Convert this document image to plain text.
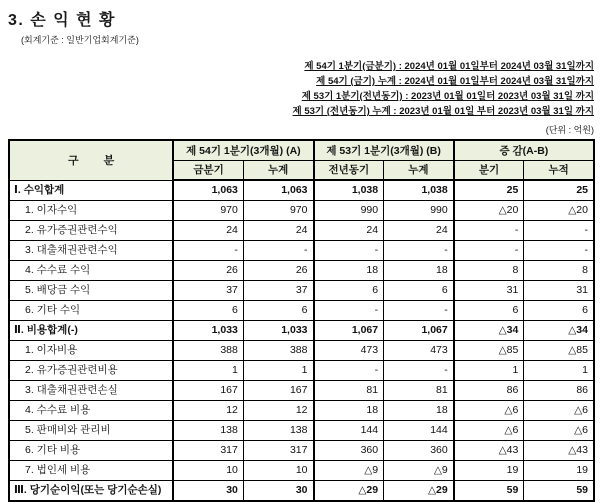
3. 손 익 현 황
(회계기준 : 일반기업회계기준)
제 54기 1분기(금분기) : 2024년 01월 01일부터 2024년 03월 31일까지
제 54기 (금기) 누계 : 2024년 01월 01일부터 2024년 03월 31일까지
제 53기 1분기(전년동기) : 2023년 01월 01일터 2023년 03월 31일 까지
제 53기 (전년동기) 누계 : 2023년 01월 01일 부터 2023년 03월 31일 까지
(단위 : 억원)
구 분	제 54기 1분기(3개월) (A)		제 53기 1분기(3개월) (B)		증 감(A-B)	
	금분기	누계	전년동기	누계	분기	누적
Ⅰ. 수익합계	1,063	1,063	1,038	1,038	25	25
1. 이자수익	970	970	990	990	△20	△20
2. 유가증권관련수익	24	24	24	24	-	-
3. 대출채권관련수익	-	-	-	-	-	-
4. 수수료 수익	26	26	18	18	8	8
5. 배당금 수익	37	37	6	6	31	31
6. 기타 수익	6	6	-	-	6	6
Ⅱ. 비용합계(-)	1,033	1,033	1,067	1,067	△34	△34
1. 이자비용	388	388	473	473	△85	△85
2. 유가증권관련비용	1	1	-	-	1	1
3. 대출채권관련손실	167	167	81	81	86	86
4. 수수료 비용	12	12	18	18	△6	△6
5. 판매비와 관리비	138	138	144	144	△6	△6
6. 기타 비용	317	317	360	360	△43	△43
7. 법인세 비용	10	10	△9	△9	19	19
Ⅲ. 당기순이익(또는 당기순손실)	30	30	△29	△29	59	59
